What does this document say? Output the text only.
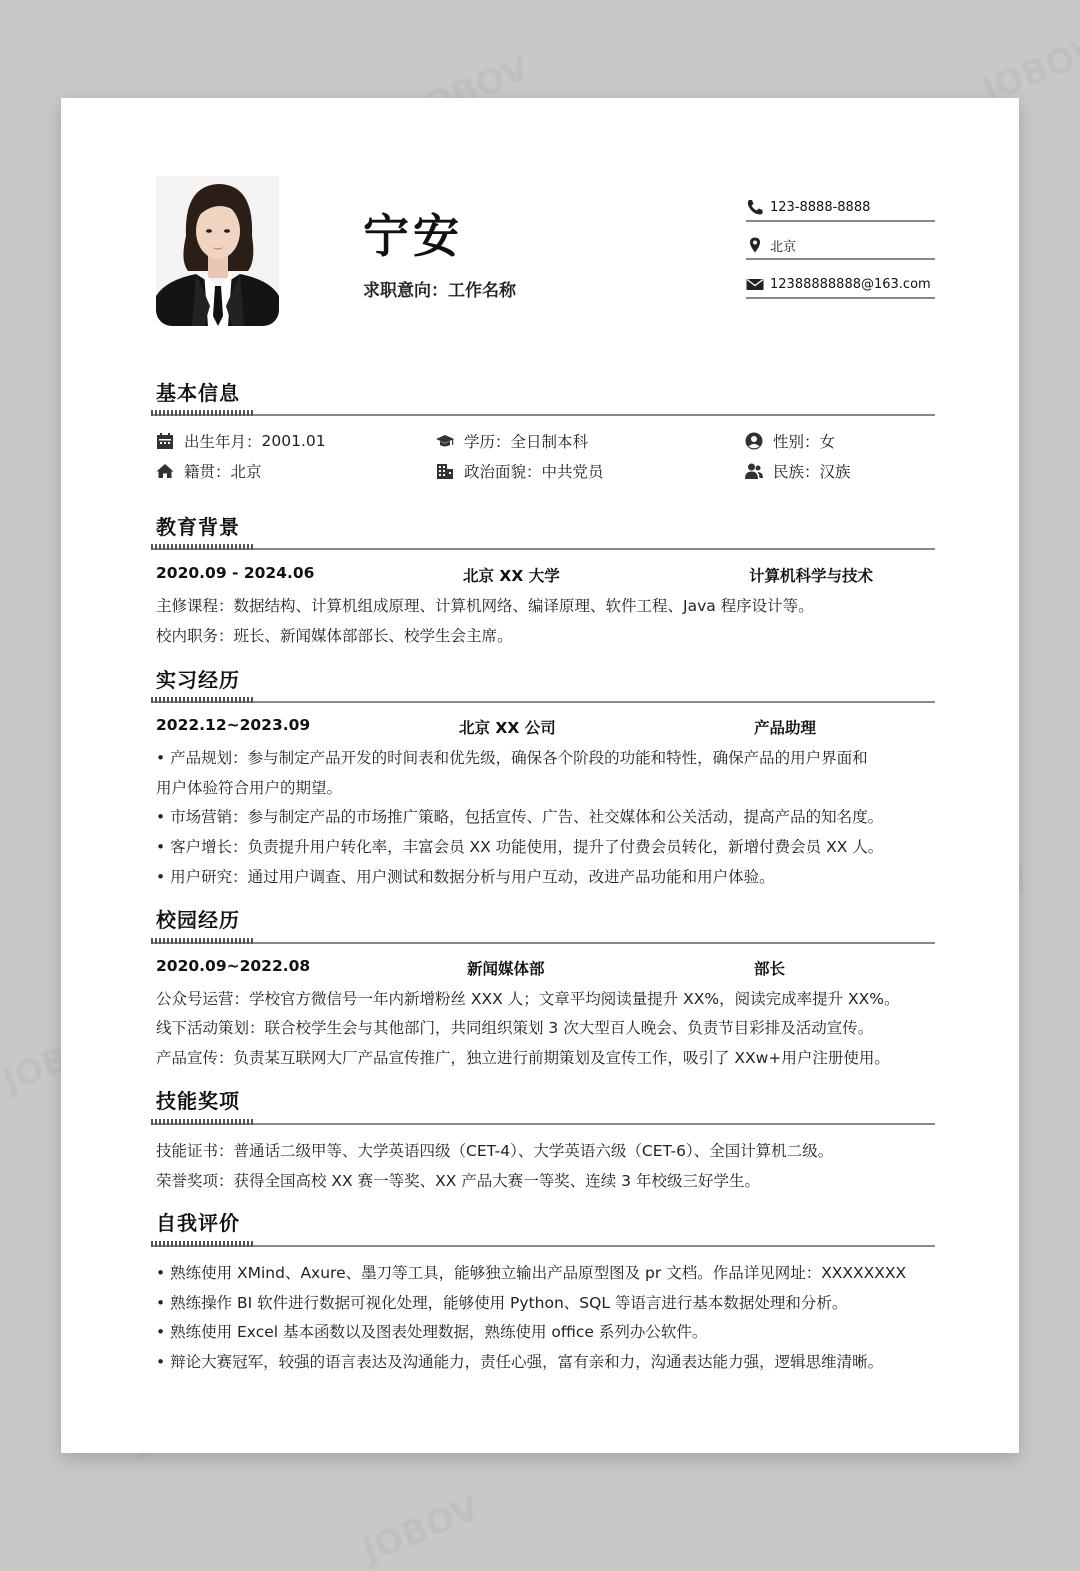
宁安
求职意向：工作名称
123-8888-8888
北京
12388888888@163.com
基本信息
出生年月： 2001.01	学历： 全日制本科	性别： 女
籍贯： 北京	政治面貌： 中共党员	民族： 汉族
教育背景
2020.09 - 2024.06	北京 XX 大学	计算机科学与技术
主修课程：数据结构、计算机组成原理、计算机网络、编译原理、软件工程、Java 程序设计等。
校内职务：班长、新闻媒体部部长、校学生会主席。
实习经历
2022.12~2023.09	北京 XX 公司	产品助理
• 产品规划：参与制定产品开发的时间表和优先级，确保各个阶段的功能和特性，确保产品的用户界面和
用户体验符合用户的期望。
• 市场营销：参与制定产品的市场推广策略，包括宣传、广告、社交媒体和公关活动，提高产品的知名度。
• 客户增长：负责提升用户转化率，丰富会员 XX 功能使用，提升了付费会员转化，新增付费会员 XX 人。
• 用户研究：通过用户调查、用户测试和数据分析与用户互动，改进产品功能和用户体验。
校园经历
2020.09~2022.08	新闻媒体部	部长
公众号运营：学校官方微信号一年内新增粉丝 XXX 人；文章平均阅读量提升 XX%，阅读完成率提升 XX%。
线下活动策划：联合校学生会与其他部门，共同组织策划 3 次大型百人晚会、负责节目彩排及活动宣传。
产品宣传：负责某互联网大厂产品宣传推广，独立进行前期策划及宣传工作，吸引了 XXw+用户注册使用。
技能奖项
技能证书：普通话二级甲等、大学英语四级（CET-4）、大学英语六级（CET-6）、全国计算机二级。
荣誉奖项：获得全国高校 XX 赛一等奖、XX 产品大赛一等奖、连续 3 年校级三好学生。
自我评价
• 熟练使用 XMind、Axure、墨刀等工具，能够独立输出产品原型图及 pr 文档。作品详见网址：XXXXXXXX
• 熟练操作 BI 软件进行数据可视化处理，能够使用 Python、SQL 等语言进行基本数据处理和分析。
• 熟练使用 Excel 基本函数以及图表处理数据，熟练使用 office 系列办公软件。
• 辩论大赛冠军，较强的语言表达及沟通能力，责任心强，富有亲和力，沟通表达能力强，逻辑思维清晰。
